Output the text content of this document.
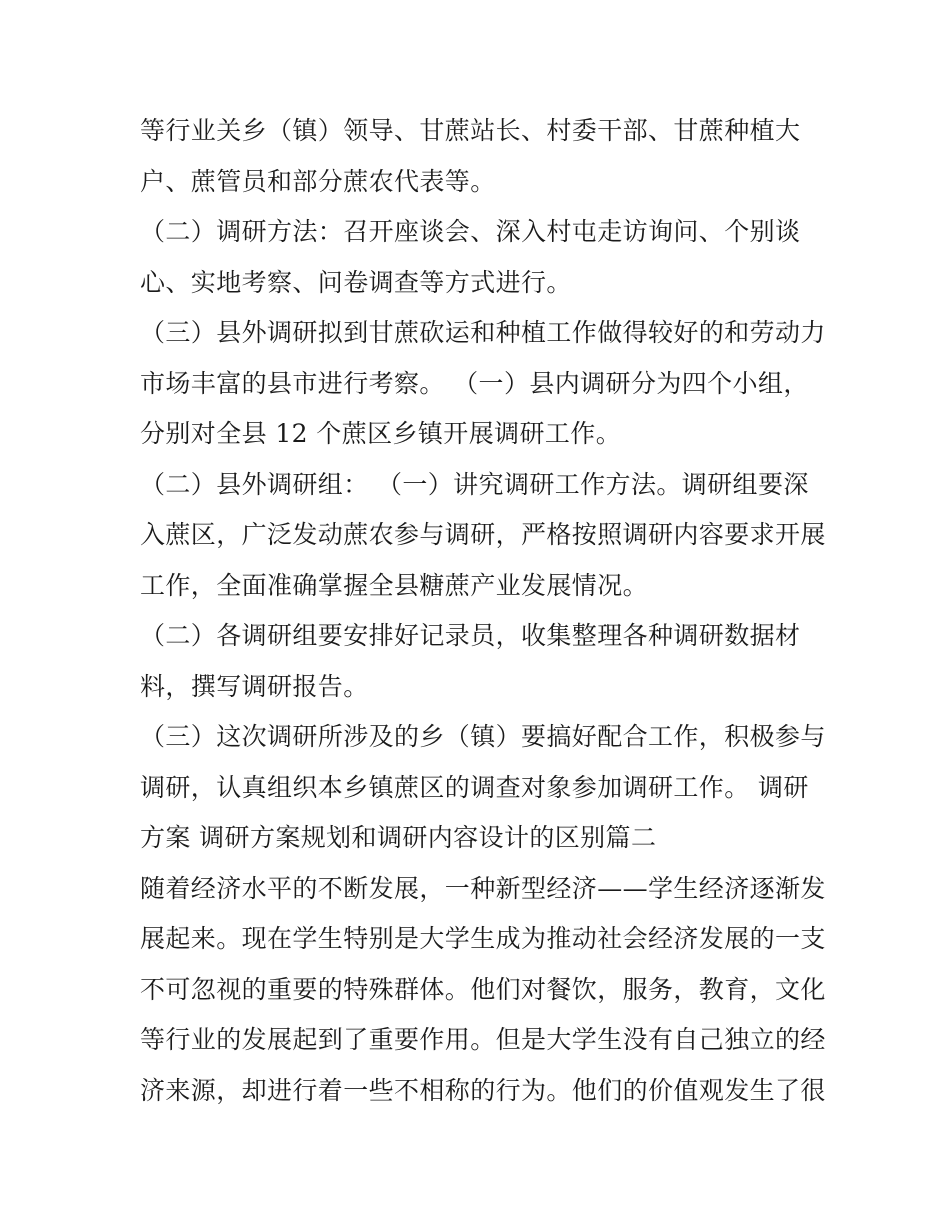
等行业关乡（镇）领导、甘蔗站长、村委干部、甘蔗种植大
户、蔗管员和部分蔗农代表等。
（二）调研方法：召开座谈会、深入村屯走访询问、个别谈
心、实地考察、问卷调查等方式进行。
（三）县外调研拟到甘蔗砍运和种植工作做得较好的和劳动力
市场丰富的县市进行考察。 （一）县内调研分为四个小组，
分别对全县 12 个蔗区乡镇开展调研工作。
（二）县外调研组： （一）讲究调研工作方法。调研组要深
入蔗区，广泛发动蔗农参与调研，严格按照调研内容要求开展
工作，全面准确掌握全县糖蔗产业发展情况。
（二）各调研组要安排好记录员，收集整理各种调研数据材
料，撰写调研报告。
（三）这次调研所涉及的乡（镇）要搞好配合工作，积极参与
调研，认真组织本乡镇蔗区的调查对象参加调研工作。 调研
方案 调研方案规划和调研内容设计的区别篇二
随着经济水平的不断发展，一种新型经济——学生经济逐渐发
展起来。现在学生特别是大学生成为推动社会经济发展的一支
不可忽视的重要的特殊群体。他们对餐饮，服务，教育，文化
等行业的发展起到了重要作用。但是大学生没有自己独立的经
济来源，却进行着一些不相称的行为。他们的价值观发生了很
